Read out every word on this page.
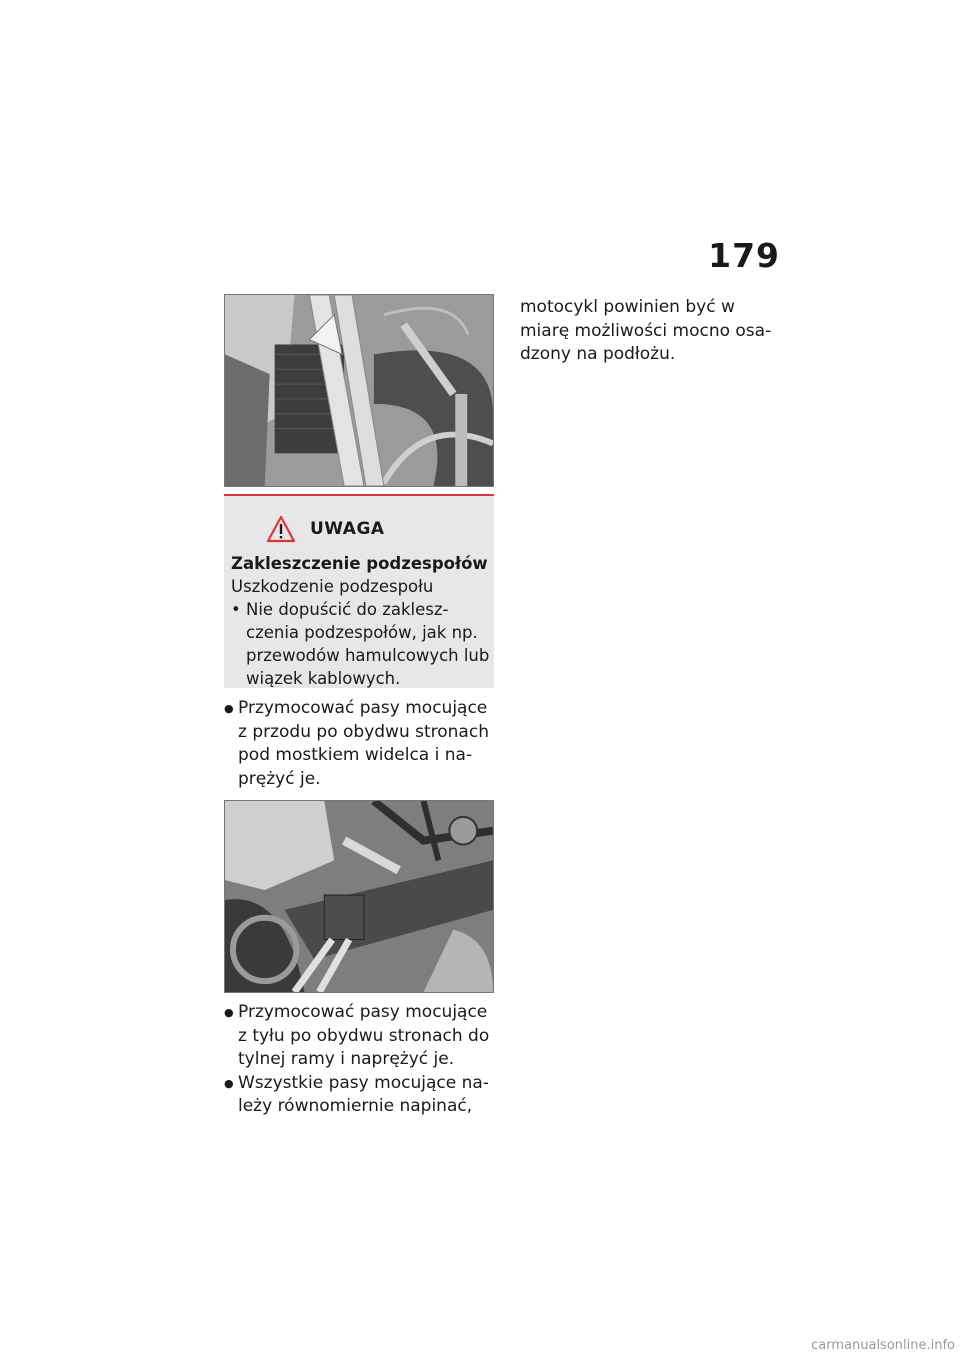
179
UWAGA
Zakleszczenie podzespołów
Uszkodzenie podzespołu
• Nie dopuścić do zakleszczenia podzespołów, jak np. przewodów hamulcowych lub wiązek kablowych.
● Przymocować pasy mocujące z przodu po obydwu stronach pod mostkiem widelca i naprężyć je.
● Przymocować pasy mocujące z tyłu po obydwu stronach do tylnej ramy i naprężyć je.
● Wszystkie pasy mocujące należy równomiernie napinać,
motocykl powinien być w miarę możliwości mocno osadzony na podłożu.
carmanualsonline.info
